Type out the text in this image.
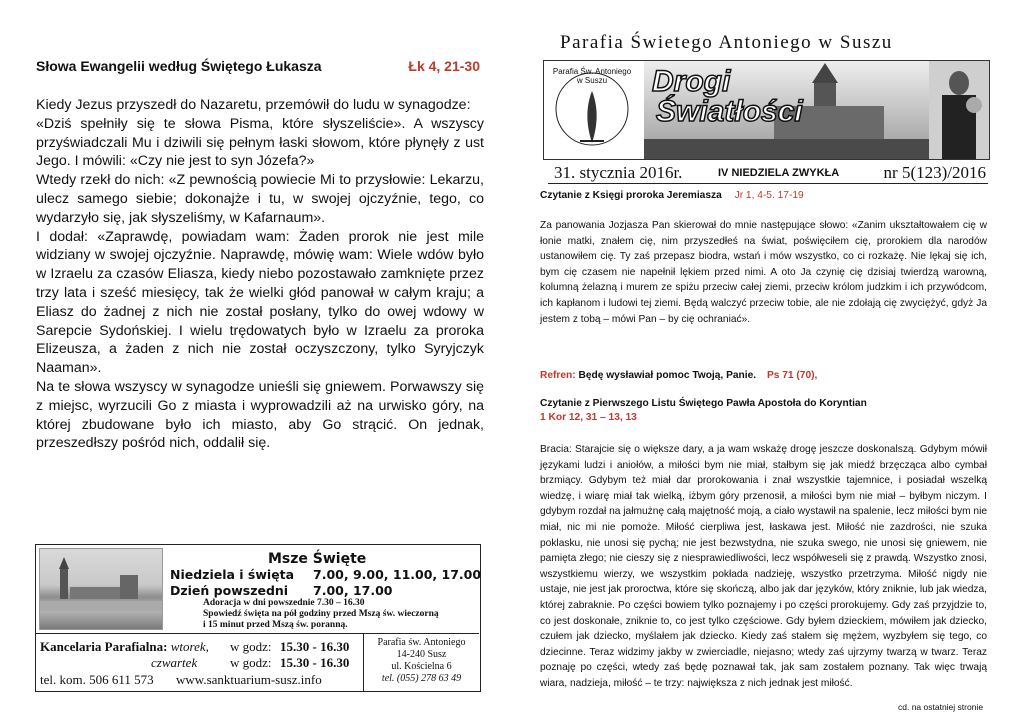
Słowa Ewangelii według Świętego Łukasza	Łk 4, 21-30

Kiedy Jezus przyszedł do Nazaretu, przemówił do ludu w synagodze:

«Dziś spełniły się te słowa Pisma, które słyszeliście». A wszyscy przyświadczali Mu i dziwili się pełnym łaski słowom, które płynęły z ust Jego. I mówili: «Czy nie jest to syn Józefa?»

Wtedy rzekł do nich: «Z pewnością powiecie Mi to przysłowie: Lekarzu, ulecz samego siebie; dokonajże i tu, w swojej ojczyźnie, tego, co wydarzyło się, jak słyszeliśmy, w Kafarnaum».

I dodał: «Zaprawdę, powiadam wam: Żaden prorok nie jest mile widziany w swojej ojczyźnie. Naprawdę, mówię wam: Wiele wdów było w Izraelu za czasów Eliasza, kiedy niebo pozostawało zamknięte przez trzy lata i sześć miesięcy, tak że wielki głód panował w całym kraju; a Eliasz do żadnej z nich nie został posłany, tylko do owej wdowy w Sarepcie Sydońskiej. I wielu trędowatych było w Izraelu za proroka Elizeusza, a żaden z nich nie został oczyszczony, tylko Syryjczyk Naaman».

Na te słowa wszyscy w synagodze unieśli się gniewem. Porwawszy się z miejsc, wyrzucili Go z miasta i wyprowadzili aż na urwisko góry, na której zbudowane było ich miasto, aby Go strącić. On jednak, przeszedłszy pośród nich, oddalił się.

Msze Święte
Niedziela i święta 7.00, 9.00, 11.00, 17.00
Dzień powszedni 7.00, 17.00
Adoracja w dni powszednie 7.30 – 16.30
Spowiedź święta na pół godziny przed Mszą św. wieczorną
i 15 minut przed Mszą św. poranną.
Kancelaria Parafialna: wtorek, w godz: 15.30 - 16.30
czwartek	w godz: 15.30 - 16.30
tel. kom. 506 611 573 www.sanktuarium-susz.info
Parafia św. Antoniego
14-240 Susz
ul. Kościelna 6
tel. (055) 278 63 49
Parafia Świetego Antoniego w Suszu
Parafia Św. Antoniego w Suszu	Drogi
Światłości
31. stycznia 2016r.	IV NIEDZIELA ZWYKŁA	nr 5(123)/2016
Czytanie z Księgi proroka Jeremiasza Jr 1, 4-5. 17-19
Za panowania Jozjasza Pan skierował do mnie następujące słowo: «Zanim ukształtowałem cię w łonie matki, znałem cię, nim przyszedłeś na świat, poświęciłem cię, prorokiem dla narodów ustanowiłem cię. Ty zaś przepasz biodra, wstań i mów wszystko, co ci rozkażę. Nie lękaj się ich, bym cię czasem nie napełnił lękiem przed nimi. A oto Ja czynię cię dzisiaj twierdzą warowną, kolumną żelazną i murem ze spiżu przeciw całej ziemi, przeciw królom judzkim i ich przywódcom, ich kapłanom i ludowi tej ziemi. Będą walczyć przeciw tobie, ale nie zdołają cię zwyciężyć, gdyż Ja jestem z tobą – mówi Pan – by cię ochraniać».
Refren: Będę wysławiał pomoc Twoją, Panie. Ps 71 (70),
Czytanie z Pierwszego Listu Świętego Pawła Apostoła do Koryntian
1 Kor 12, 31 – 13, 13
Bracia: Starajcie się o większe dary, a ja wam wskażę drogę jeszcze doskonalszą. Gdybym mówił językami ludzi i aniołów, a miłości bym nie miał, stałbym się jak miedź brzęcząca albo cymbał brzmiący. Gdybym też miał dar prorokowania i znał wszystkie tajemnice, i posiadał wszelką wiedzę, i wiarę miał tak wielką, iżbym góry przenosił, a miłości bym nie miał – byłbym niczym. I gdybym rozdał na jałmużnę całą majętność moją, a ciało wystawił na spalenie, lecz miłości bym nie miał, nic mi nie pomoże. Miłość cierpliwa jest, łaskawa jest. Miłość nie zazdrości, nie szuka poklasku, nie unosi się pychą; nie jest bezwstydna, nie szuka swego, nie unosi się gniewem, nie pamięta złego; nie cieszy się z niesprawiedliwości, lecz współweseli się z prawdą. Wszystko znosi, wszystkiemu wierzy, we wszystkim pokłada nadzieję, wszystko przetrzyma. Miłość nigdy nie ustaje, nie jest jak proroctwa, które się skończą, albo jak dar języków, który zniknie, lub jak wiedza, której zabraknie. Po części bowiem tylko poznajemy i po części prorokujemy. Gdy zaś przyjdzie to, co jest doskonałe, zniknie to, co jest tylko częściowe. Gdy byłem dzieckiem, mówiłem jak dziecko, czułem jak dziecko, myślałem jak dziecko. Kiedy zaś stałem się mężem, wyzbyłem się tego, co dziecinne. Teraz widzimy jakby w zwierciadle, niejasno; wtedy zaś ujrzymy twarzą w twarz. Teraz poznaję po części, wtedy zaś będę poznawał tak, jak sam zostałem poznany. Tak więc trwają wiara, nadzieja, miłość – te trzy: największa z nich jednak jest miłość.
cd. na ostatniej stronie
